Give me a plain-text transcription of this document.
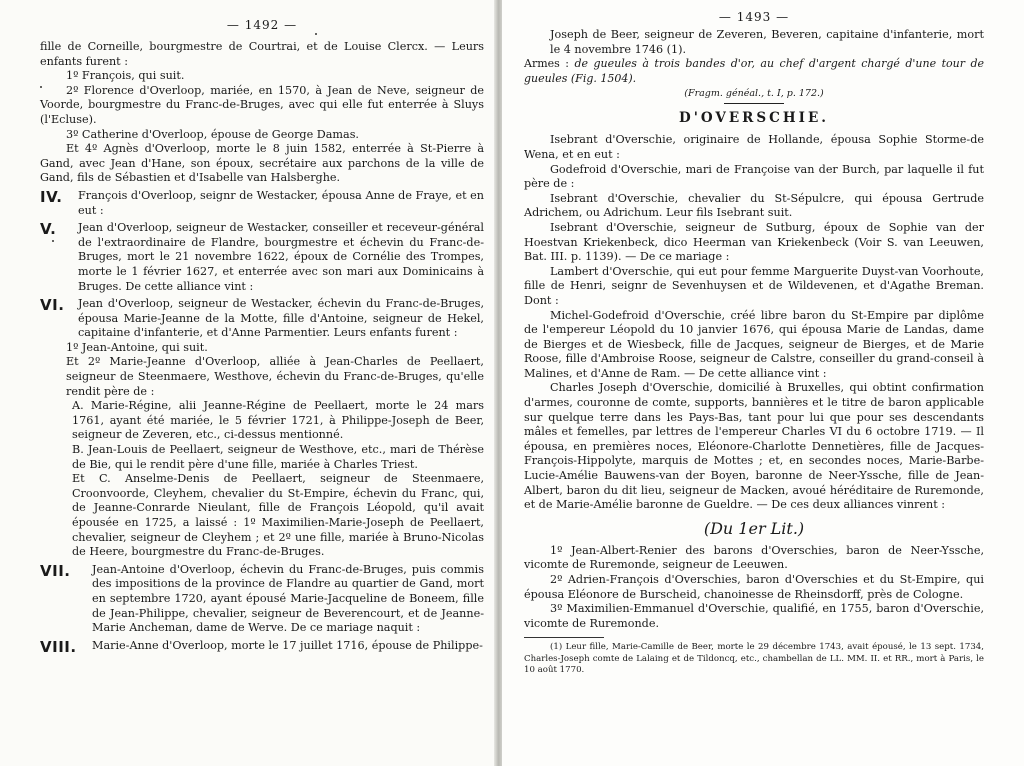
— 1492 —

fille de Corneille, bourgmestre de Courtrai, et de Louise Clercx. — Leurs enfants furent :

1º François, qui suit.

2º Florence d'Overloop, mariée, en 1570, à Jean de Neve, seigneur de Voorde, bourgmestre du Franc-de-Bruges, avec qui elle fut enterrée à Sluys (l'Ecluse).

3º Catherine d'Overloop, épouse de George Damas.

Et 4º Agnès d'Overloop, morte le 8 juin 1582, enterrée à St-Pierre à Gand, avec Jean d'Hane, son époux, secrétaire aux parchons de la ville de Gand, fils de Sébastien et d'Isabelle van Halsberghe.

IV. François d'Overloop, seignr de Westacker, épousa Anne de Fraye, et en eut :

V. Jean d'Overloop, seigneur de Westacker, conseiller et receveur-général de l'extraordinaire de Flandre, bourgmestre et échevin du Franc-de-Bruges, mort le 21 novembre 1622, époux de Cornélie des Trompes, morte le 1 février 1627, et enterrée avec son mari aux Dominicains à Bruges. De cette alliance vint :

VI. Jean d'Overloop, seigneur de Westacker, échevin du Franc-de-Bruges, épousa Marie-Jeanne de la Motte, fille d'Antoine, seigneur de Hekel, capitaine d'infanterie, et d'Anne Parmentier. Leurs enfants furent :

1º Jean-Antoine, qui suit.

Et 2º Marie-Jeanne d'Overloop, alliée à Jean-Charles de Peellaert, seigneur de Steenmaere, Westhove, échevin du Franc-de-Bruges, qu'elle rendit père de :

A. Marie-Régine, alii Jeanne-Régine de Peellaert, morte le 24 mars 1761, ayant été mariée, le 5 février 1721, à Philippe-Joseph de Beer, seigneur de Zeveren, etc., ci-dessus mentionné.

B. Jean-Louis de Peellaert, seigneur de Westhove, etc., mari de Thérèse de Bie, qui le rendit père d'une fille, mariée à Charles Triest.

Et C. Anselme-Denis de Peellaert, seigneur de Steenmaere, Croonvoorde, Cleyhem, chevalier du St-Empire, échevin du Franc, qui, de Jeanne-Conrarde Nieulant, fille de François Léopold, qu'il avait épousée en 1725, a laissé : 1º Maximilien-Marie-Joseph de Peellaert, chevalier, seigneur de Cleyhem ; et 2º une fille, mariée à Bruno-Nicolas de Heere, bourgmestre du Franc-de-Bruges.

VII. Jean-Antoine d'Overloop, échevin du Franc-de-Bruges, puis commis des impositions de la province de Flandre au quartier de Gand, mort en septembre 1720, ayant épousé Marie-Jacqueline de Boneem, fille de Jean-Philippe, chevalier, seigneur de Beverencourt, et de Jeanne-Marie Ancheman, dame de Werve. De ce mariage naquit :

VIII. Marie-Anne d'Overloop, morte le 17 juillet 1716, épouse de Philippe-

— 1493 —

Joseph de Beer, seigneur de Zeveren, Beveren, capitaine d'infanterie, mort le 4 novembre 1746 (1).

Armes : de gueules à trois bandes d'or, au chef d'argent chargé d'une tour de gueules (Fig. 1504).

(Fragm. généal., t. I, p. 172.)
D'OVERSCHIE.

Isebrant d'Overschie, originaire de Hollande, épousa Sophie Storme-de Wena, et en eut :

Godefroid d'Overschie, mari de Françoise van der Burch, par laquelle il fut père de :

Isebrant d'Overschie, chevalier du St-Sépulcre, qui épousa Gertrude Adrichem, ou Adrichum. Leur fils Isebrant suit.

Isebrant d'Overschie, seigneur de Sutburg, époux de Sophie van der Hoestvan Kriekenbeck, dico Heerman van Kriekenbeck (Voir S. van Leeuwen, Bat. III. p. 1139). — De ce mariage :

Lambert d'Overschie, qui eut pour femme Marguerite Duyst-van Voorhoute, fille de Henri, seignr de Sevenhuysen et de Wildevenen, et d'Agathe Breman. Dont :

Michel-Godefroid d'Overschie, créé libre baron du St-Empire par diplôme de l'empereur Léopold du 10 janvier 1676, qui épousa Marie de Landas, dame de Bierges et de Wiesbeck, fille de Jacques, seigneur de Bierges, et de Marie Roose, fille d'Ambroise Roose, seigneur de Calstre, conseiller du grand-conseil à Malines, et d'Anne de Ram. — De cette alliance vint :

Charles Joseph d'Overschie, domicilié à Bruxelles, qui obtint confirmation d'armes, couronne de comte, supports, bannières et le titre de baron applicable sur quelque terre dans les Pays-Bas, tant pour lui que pour ses descendants mâles et femelles, par lettres de l'empereur Charles VI du 6 octobre 1719. — Il épousa, en premières noces, Eléonore-Charlotte Dennetières, fille de Jacques-François-Hippolyte, marquis de Mottes ; et, en secondes noces, Marie-Barbe-Lucie-Amélie Bauwens-van der Boyen, baronne de Neer-Yssche, fille de Jean-Albert, baron du dit lieu, seigneur de Macken, avoué héréditaire de Ruremonde, et de Marie-Amélie baronne de Gueldre. — De ces deux alliances vinrent :

(Du 1er Lit.)

1º Jean-Albert-Renier des barons d'Overschies, baron de Neer-Yssche, vicomte de Ruremonde, seigneur de Leeuwen.

2º Adrien-François d'Overschies, baron d'Overschies et du St-Empire, qui épousa Eléonore de Burscheid, chanoinesse de Rheinsdorff, près de Cologne.

3º Maximilien-Emmanuel d'Overschie, qualifié, en 1755, baron d'Overschie, vicomte de Ruremonde.

(1) Leur fille, Marie-Camille de Beer, morte le 29 décembre 1743, avait épousé, le 13 sept. 1734, Charles-Joseph comte de Lalaing et de Tildoncq, etc., chambellan de LL. MM. II. et RR., mort à Paris, le 10 août 1770.
